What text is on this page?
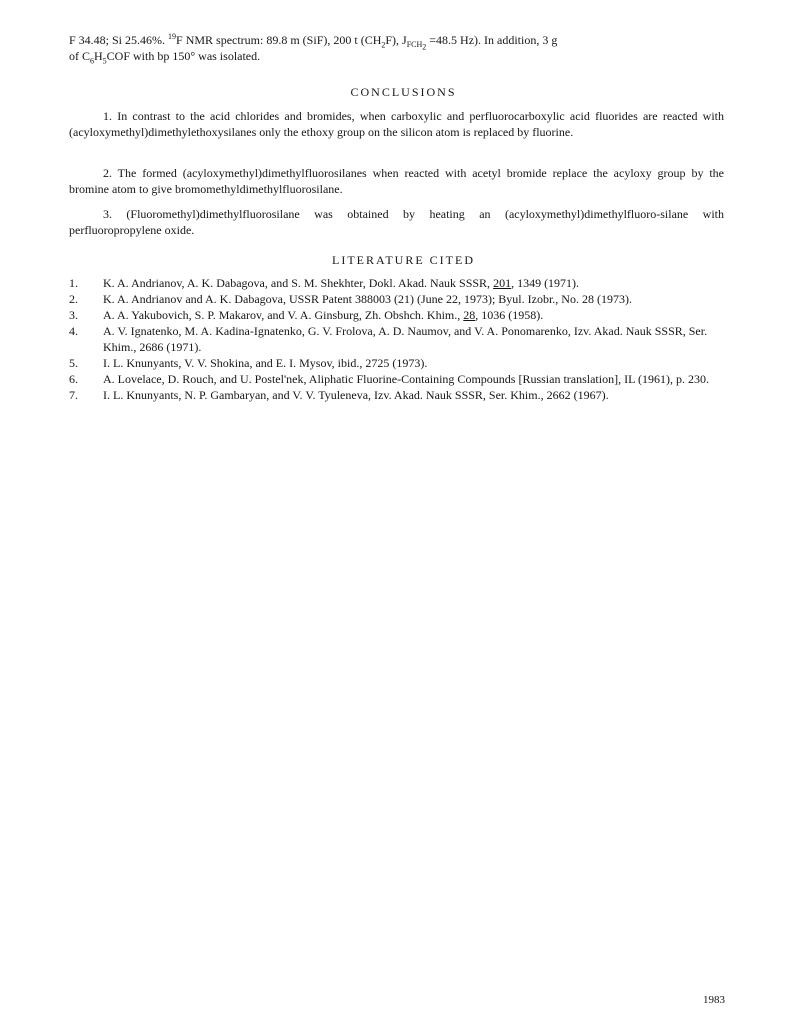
F 34.48; Si 25.46%. $^{19}$F NMR spectrum: 89.8 m (SiF), 200 t $(CH_2F)$, $J_{FCH_2} =48.5$ Hz). In addition, 3 g
of $C_6H_5COF$ with bp 150° was isolated.
CONCLUSIONS

1. In contrast to the acid chlorides and bromides, when carboxylic and perfluorocarboxylic acid fluorides are reacted with (acyloxymethyl)dimethylethoxysilanes only the ethoxy group on the silicon atom is replaced by fluorine.

2. The formed (acyloxymethyl)dimethylfluorosilanes when reacted with acetyl bromide replace the acyloxy group by the bromine atom to give bromomethyldimethylfluorosilane.

3. (Fluoromethyl)dimethylfluorosilane was obtained by heating an (acyloxymethyl)dimethylfluoro-silane with perfluoropropylene oxide.

LITERATURE CITED
1. K. A. Andrianov, A. K. Dabagova, and S. M. Shekhter, Dokl. Akad. Nauk SSSR, 201, 1349 (1971).
2. K. A. Andrianov and A. K. Dabagova, USSR Patent 388003 (21) (June 22, 1973); Byul. Izobr., No. 28 (1973).
3. A. A. Yakubovich, S. P. Makarov, and V. A. Ginsburg, Zh. Obshch. Khim., 28, 1036 (1958).
4. A. V. Ignatenko, M. A. Kadina-Ignatenko, G. V. Frolova, A. D. Naumov, and V. A. Ponomarenko, Izv. Akad. Nauk SSSR, Ser. Khim., 2686 (1971).
5. I. L. Knunyants, V. V. Shokina, and E. I. Mysov, ibid., 2725 (1973).
6. A. Lovelace, D. Rouch, and U. Postel'nek, Aliphatic Fluorine-Containing Compounds [Russian translation], IL (1961), p. 230.
7. I. L. Knunyants, N. P. Gambaryan, and V. V. Tyuleneva, Izv. Akad. Nauk SSSR, Ser. Khim., 2662 (1967).
1983
